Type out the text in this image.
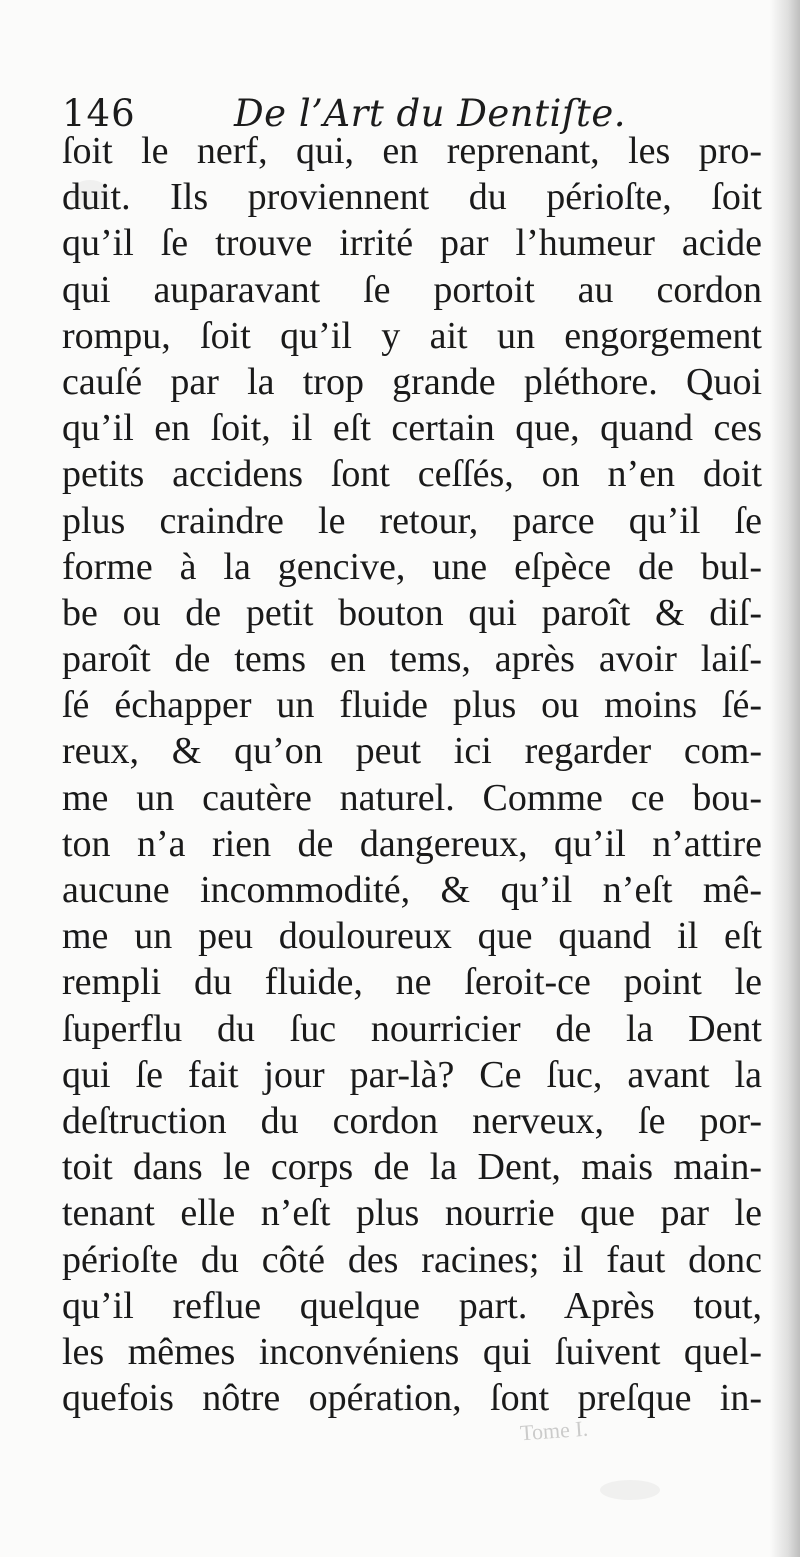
146	De l’Art du Dentiſte.
ſoit le nerf, qui, en reprenant, les pro-
duit. Ils proviennent du périoſte, ſoit
qu’il ſe trouve irrité par l’humeur acide
qui auparavant ſe portoit au cordon
rompu, ſoit qu’il y ait un engorgement
cauſé par la trop grande pléthore. Quoi
qu’il en ſoit, il eſt certain que, quand ces
petits accidens ſont ceſſés, on n’en doit
plus craindre le retour, parce qu’il ſe
forme à la gencive, une eſpèce de bul-
be ou de petit bouton qui paroît & diſ-
paroît de tems en tems, après avoir laiſ-
ſé échapper un fluide plus ou moins ſé-
reux, & qu’on peut ici regarder com-
me un cautère naturel. Comme ce bou-
ton n’a rien de dangereux, qu’il n’attire
aucune incommodité, & qu’il n’eſt mê-
me un peu douloureux que quand il eſt
rempli du fluide, ne ſeroit-ce point le
ſuperflu du ſuc nourricier de la Dent
qui ſe fait jour par-là? Ce ſuc, avant la
deſtruction du cordon nerveux, ſe por-
toit dans le corps de la Dent, mais main-
tenant elle n’eſt plus nourrie que par le
périoſte du côté des racines; il faut donc
qu’il reflue quelque part. Après tout,
les mêmes inconvéniens qui ſuivent quel-
quefois nôtre opération, ſont preſque in-
Tome I.
